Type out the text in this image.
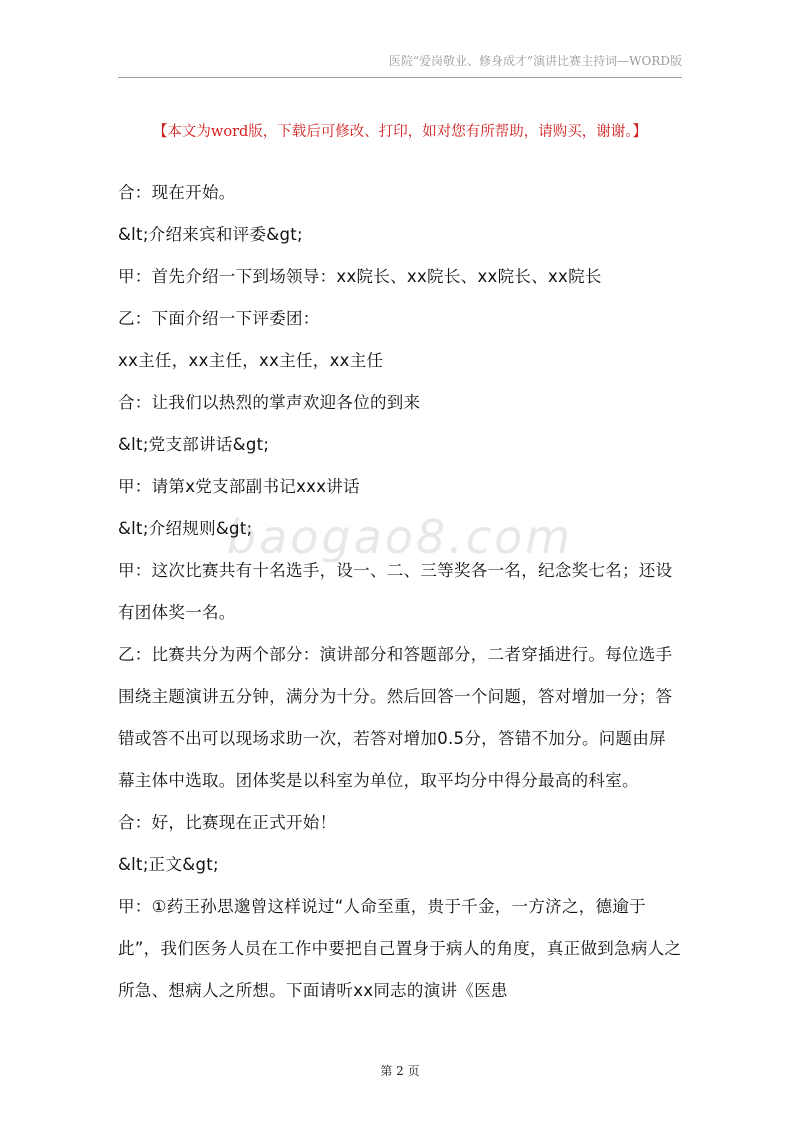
医院“爱岗敬业、修身成才”演讲比赛主持词—WORD版
【本文为word版，下载后可修改、打印，如对您有所帮助，请购买，谢谢。】
baogao8.com

合：现在开始。

&lt;介绍来宾和评委&gt;

甲：首先介绍一下到场领导：xx院长、xx院长、xx院长、xx院长

乙：下面介绍一下评委团：

xx主任，xx主任，xx主任，xx主任

合：让我们以热烈的掌声欢迎各位的到来

&lt;党支部讲话&gt;

甲：请第x党支部副书记xxx讲话

&lt;介绍规则&gt;

甲：这次比赛共有十名选手，设一、二、三等奖各一名，纪念奖七名；还设有团体奖一名。

乙：比赛共分为两个部分：演讲部分和答题部分，二者穿插进行。每位选手围绕主题演讲五分钟，满分为十分。然后回答一个问题，答对增加一分；答错或答不出可以现场求助一次，若答对增加0.5分，答错不加分。问题由屏幕主体中选取。团体奖是以科室为单位，取平均分中得分最高的科室。

合：好，比赛现在正式开始！

&lt;正文&gt;

甲：①药王孙思邈曾这样说过“人命至重，贵于千金，一方济之，德逾于此”，我们医务人员在工作中要把自己置身于病人的角度，真正做到急病人之所急、想病人之所想。下面请听xx同志的演讲《医患

第 2 页
